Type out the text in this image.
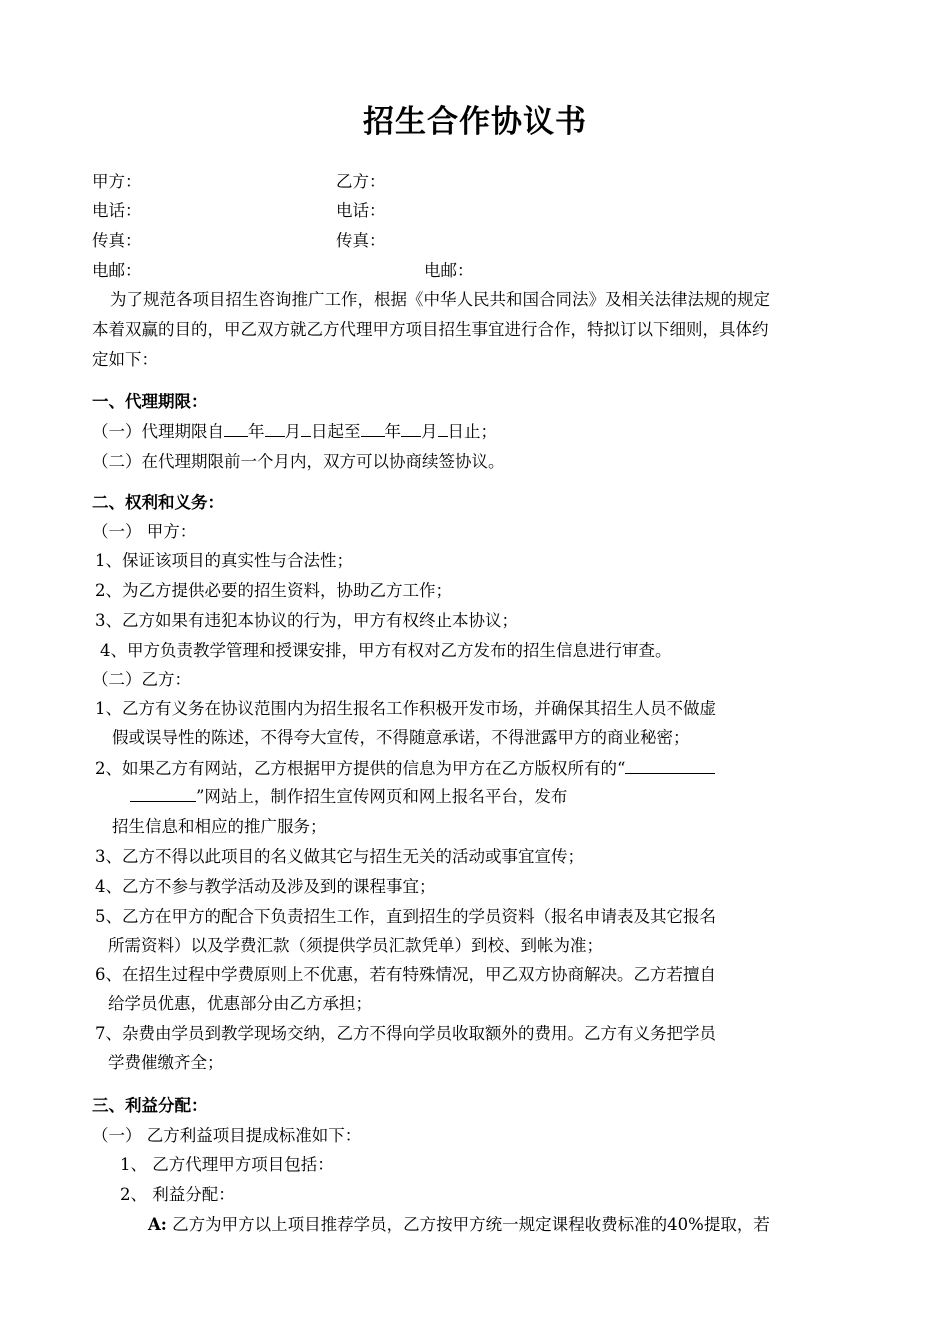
招生合作协议书
甲方：	乙方：
电话：	电话：
传真：	传真：
电邮：	电邮：
为了规范各项目招生咨询推广工作，根据《中华人民共和国合同法》及相关法律法规的规定
本着双赢的目的，甲乙双方就乙方代理甲方项目招生事宜进行合作，特拟订以下细则，具体约
定如下：
一、代理期限：
（一）代理期限自 年 月 日起至 年 月 日止；
（二）在代理期限前一个月内，双方可以协商续签协议。
二、权利和义务：
（一） 甲方：
1、保证该项目的真实性与合法性；
2、为乙方提供必要的招生资料，协助乙方工作；
3、乙方如果有违犯本协议的行为，甲方有权终止本协议；
4、甲方负责教学管理和授课安排，甲方有权对乙方发布的招生信息进行审查。
（二）乙方：
1、乙方有义务在协议范围内为招生报名工作积极开发市场，并确保其招生人员不做虚
假或误导性的陈述，不得夸大宣传，不得随意承诺，不得泄露甲方的商业秘密；
2、如果乙方有网站，乙方根据甲方提供的信息为甲方在乙方版权所有的“
”网站上，制作招生宣传网页和网上报名平台，发布
招生信息和相应的推广服务；
3、乙方不得以此项目的名义做其它与招生无关的活动或事宜宣传；
4、乙方不参与教学活动及涉及到的课程事宜；
5、乙方在甲方的配合下负责招生工作，直到招生的学员资料（报名申请表及其它报名
所需资料）以及学费汇款（须提供学员汇款凭单）到校、到帐为准；
6、在招生过程中学费原则上不优惠，若有特殊情况，甲乙双方协商解决。乙方若擅自
给学员优惠，优惠部分由乙方承担；
7、杂费由学员到教学现场交纳，乙方不得向学员收取额外的费用。乙方有义务把学员
学费催缴齐全；
三、利益分配：
（一） 乙方利益项目提成标准如下：
1、 乙方代理甲方项目包括：
2、 利益分配：
A: 乙方为甲方以上项目推荐学员，乙方按甲方统一规定课程收费标准的40%提取，若
